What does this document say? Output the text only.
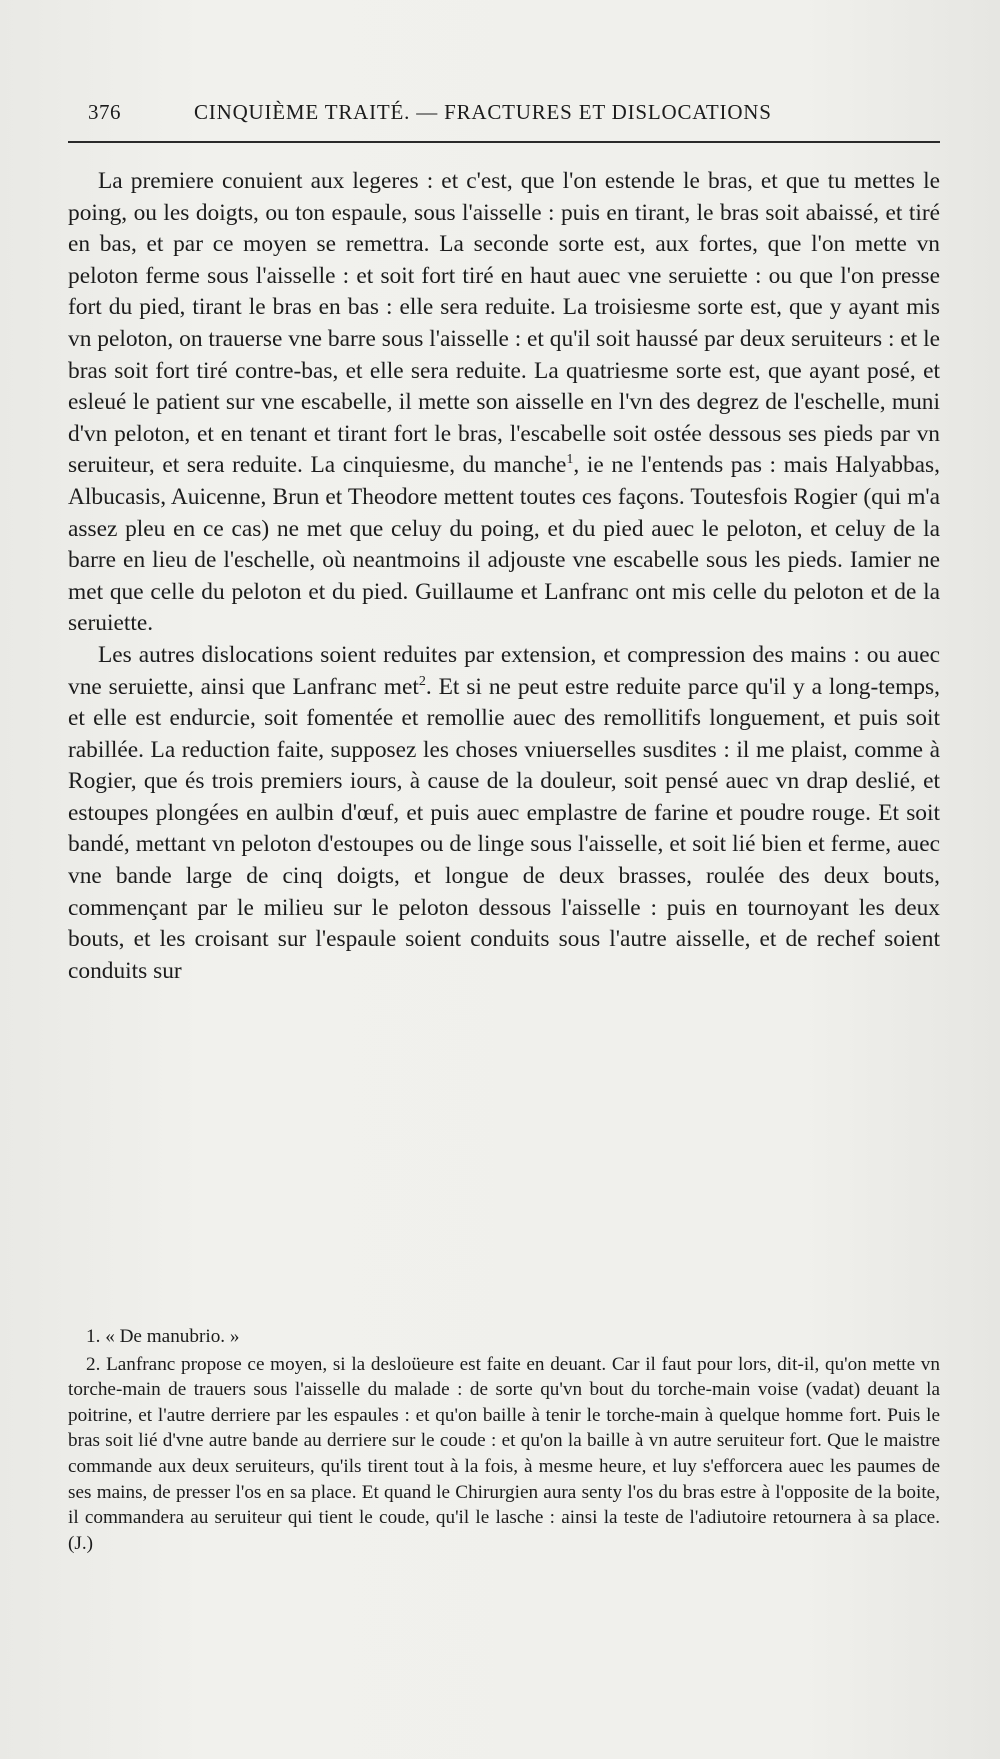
376	CINQUIÈME TRAITÉ. — FRACTURES ET DISLOCATIONS

La premiere conuient aux legeres : et c'est, que l'on estende le bras, et que tu mettes le poing, ou les doigts, ou ton espaule, sous l'aisselle : puis en tirant, le bras soit abaissé, et tiré en bas, et par ce moyen se remettra. La seconde sorte est, aux fortes, que l'on mette vn peloton ferme sous l'aisselle : et soit fort tiré en haut auec vne seruiette : ou que l'on presse fort du pied, tirant le bras en bas : elle sera reduite. La troisiesme sorte est, que y ayant mis vn peloton, on trauerse vne barre sous l'aisselle : et qu'il soit haussé par deux seruiteurs : et le bras soit fort tiré contre-bas, et elle sera reduite. La quatriesme sorte est, que ayant posé, et esleué le patient sur vne escabelle, il mette son aisselle en l'vn des degrez de l'eschelle, muni d'vn peloton, et en tenant et tirant fort le bras, l'escabelle soit ostée dessous ses pieds par vn seruiteur, et sera reduite. La cinquiesme, du manche$^1$, ie ne l'entends pas : mais Halyabbas, Albucasis, Auicenne, Brun et Theodore mettent toutes ces façons. Toutesfois Rogier (qui m'a assez pleu en ce cas) ne met que celuy du poing, et du pied auec le peloton, et celuy de la barre en lieu de l'eschelle, où neantmoins il adjouste vne escabelle sous les pieds. Iamier ne met que celle du peloton et du pied. Guillaume et Lanfranc ont mis celle du peloton et de la seruiette.

Les autres dislocations soient reduites par extension, et compression des mains : ou auec vne seruiette, ainsi que Lanfranc met$^2$. Et si ne peut estre reduite parce qu'il y a long-temps, et elle est endurcie, soit fomentée et remollie auec des remollitifs longuement, et puis soit rabillée. La reduction faite, supposez les choses vniuerselles susdites : il me plaist, comme à Rogier, que és trois premiers iours, à cause de la douleur, soit pensé auec vn drap deslié, et estoupes plongées en aulbin d'œuf, et puis auec emplastre de farine et poudre rouge. Et soit bandé, mettant vn peloton d'estoupes ou de linge sous l'aisselle, et soit lié bien et ferme, auec vne bande large de cinq doigts, et longue de deux brasses, roulée des deux bouts, commençant par le milieu sur le peloton dessous l'aisselle : puis en tournoyant les deux bouts, et les croisant sur l'espaule soient conduits sous l'autre aisselle, et de rechef soient conduits sur

1. « De manubrio. »

2. Lanfranc propose ce moyen, si la desloüeure est faite en deuant. Car il faut pour lors, dit-il, qu'on mette vn torche-main de trauers sous l'aisselle du malade : de sorte qu'vn bout du torche-main voise (vadat) deuant la poitrine, et l'autre derriere par les espaules : et qu'on baille à tenir le torche-main à quelque homme fort. Puis le bras soit lié d'vne autre bande au derriere sur le coude : et qu'on la baille à vn autre seruiteur fort. Que le maistre commande aux deux seruiteurs, qu'ils tirent tout à la fois, à mesme heure, et luy s'efforcera auec les paumes de ses mains, de presser l'os en sa place. Et quand le Chirurgien aura senty l'os du bras estre à l'opposite de la boite, il commandera au seruiteur qui tient le coude, qu'il le lasche : ainsi la teste de l'adiutoire retournera à sa place. (J.)
